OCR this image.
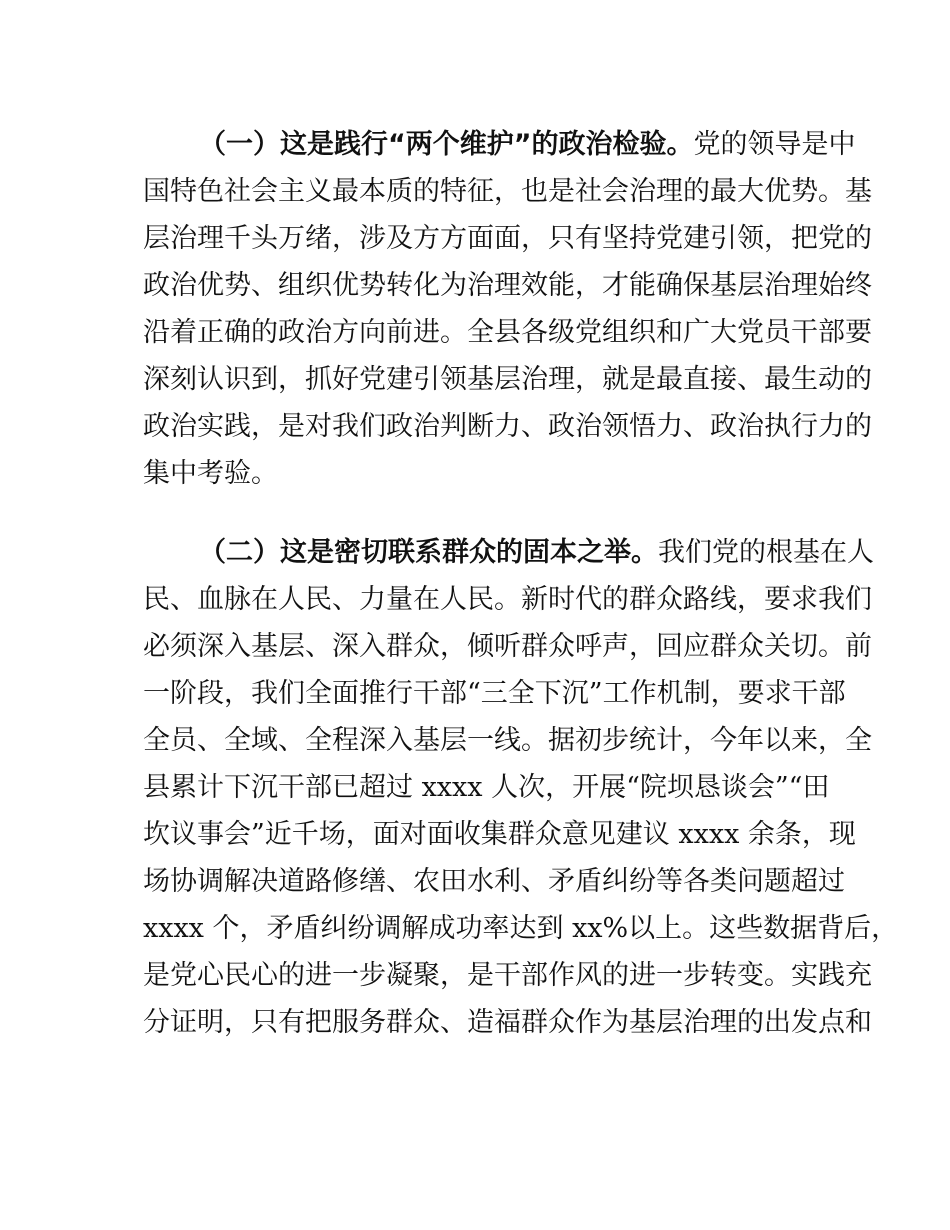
（一）这是践行“两个维护”的政治检验。党的领导是中
国特色社会主义最本质的特征，也是社会治理的最大优势。基
层治理千头万绪，涉及方方面面，只有坚持党建引领，把党的
政治优势、组织优势转化为治理效能，才能确保基层治理始终
沿着正确的政治方向前进。全县各级党组织和广大党员干部要
深刻认识到，抓好党建引领基层治理，就是最直接、最生动的
政治实践，是对我们政治判断力、政治领悟力、政治执行力的
集中考验。
（二）这是密切联系群众的固本之举。我们党的根基在人
民、血脉在人民、力量在人民。新时代的群众路线，要求我们
必须深入基层、深入群众，倾听群众呼声，回应群众关切。前
一阶段，我们全面推行干部“三全下沉”工作机制，要求干部
全员、全域、全程深入基层一线。据初步统计，今年以来，全
县累计下沉干部已超过 xxxx 人次，开展“院坝恳谈会”“田
坎议事会”近千场，面对面收集群众意见建议 xxxx 余条，现
场协调解决道路修缮、农田水利、矛盾纠纷等各类问题超过
xxxx 个，矛盾纠纷调解成功率达到 xx%以上。这些数据背后，
是党心民心的进一步凝聚，是干部作风的进一步转变。实践充
分证明，只有把服务群众、造福群众作为基层治理的出发点和
